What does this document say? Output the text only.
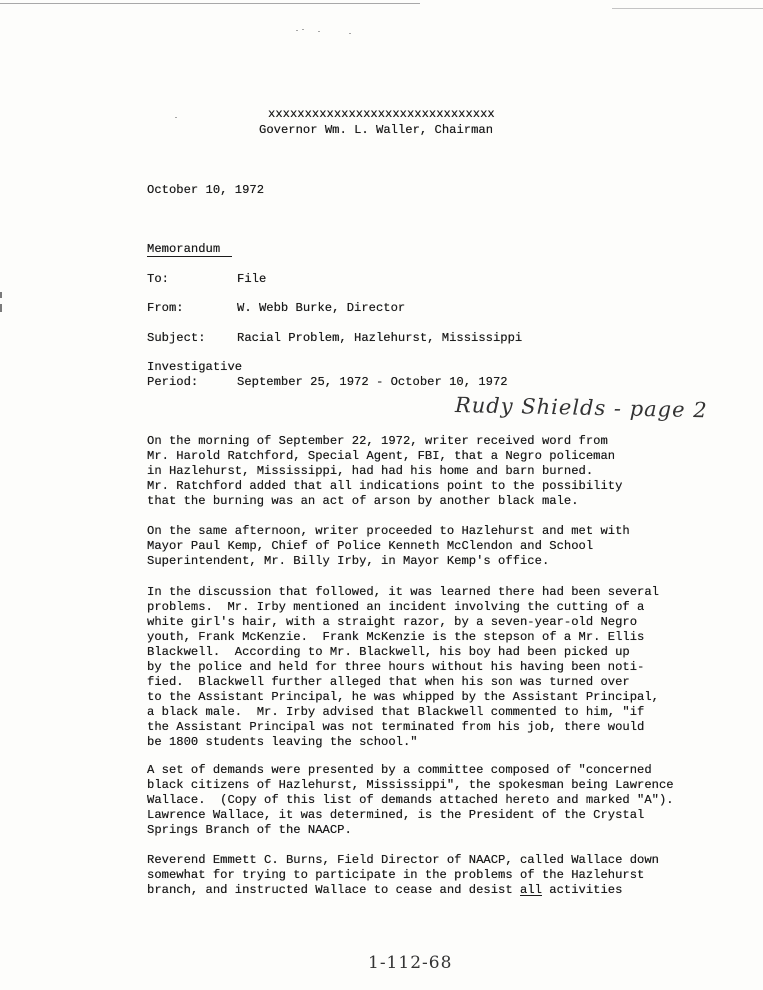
xxxxxxxxxxxxxxxxxxxxxxxxxxxxxxx
Governor Wm. L. Waller, Chairman
October 10, 1972
Memorandum
To:	File
From:	W. Webb Burke, Director
Subject:	Racial Problem, Hazlehurst, Mississippi
Investigative
Period:	September 25, 1972 - October 10, 1972
Rudy Shields - page 2
On the morning of September 22, 1972, writer received word from
Mr. Harold Ratchford, Special Agent, FBI, that a Negro policeman
in Hazlehurst, Mississippi, had had his home and barn burned.
Mr. Ratchford added that all indications point to the possibility
that the burning was an act of arson by another black male.
On the same afternoon, writer proceeded to Hazlehurst and met with
Mayor Paul Kemp, Chief of Police Kenneth McClendon and School
Superintendent, Mr. Billy Irby, in Mayor Kemp's office.
In the discussion that followed, it was learned there had been several
problems.  Mr. Irby mentioned an incident involving the cutting of a
white girl's hair, with a straight razor, by a seven-year-old Negro
youth, Frank McKenzie.  Frank McKenzie is the stepson of a Mr. Ellis
Blackwell.  According to Mr. Blackwell, his boy had been picked up
by the police and held for three hours without his having been noti-
fied.  Blackwell further alleged that when his son was turned over
to the Assistant Principal, he was whipped by the Assistant Principal,
a black male.  Mr. Irby advised that Blackwell commented to him, "if
the Assistant Principal was not terminated from his job, there would
be 1800 students leaving the school."
A set of demands were presented by a committee composed of "concerned
black citizens of Hazlehurst, Mississippi", the spokesman being Lawrence
Wallace.  (Copy of this list of demands attached hereto and marked "A").
Lawrence Wallace, it was determined, is the President of the Crystal
Springs Branch of the NAACP.
Reverend Emmett C. Burns, Field Director of NAACP, called Wallace down
somewhat for trying to participate in the problems of the Hazlehurst
branch, and instructed Wallace to cease and desist all activities
1-112-68
